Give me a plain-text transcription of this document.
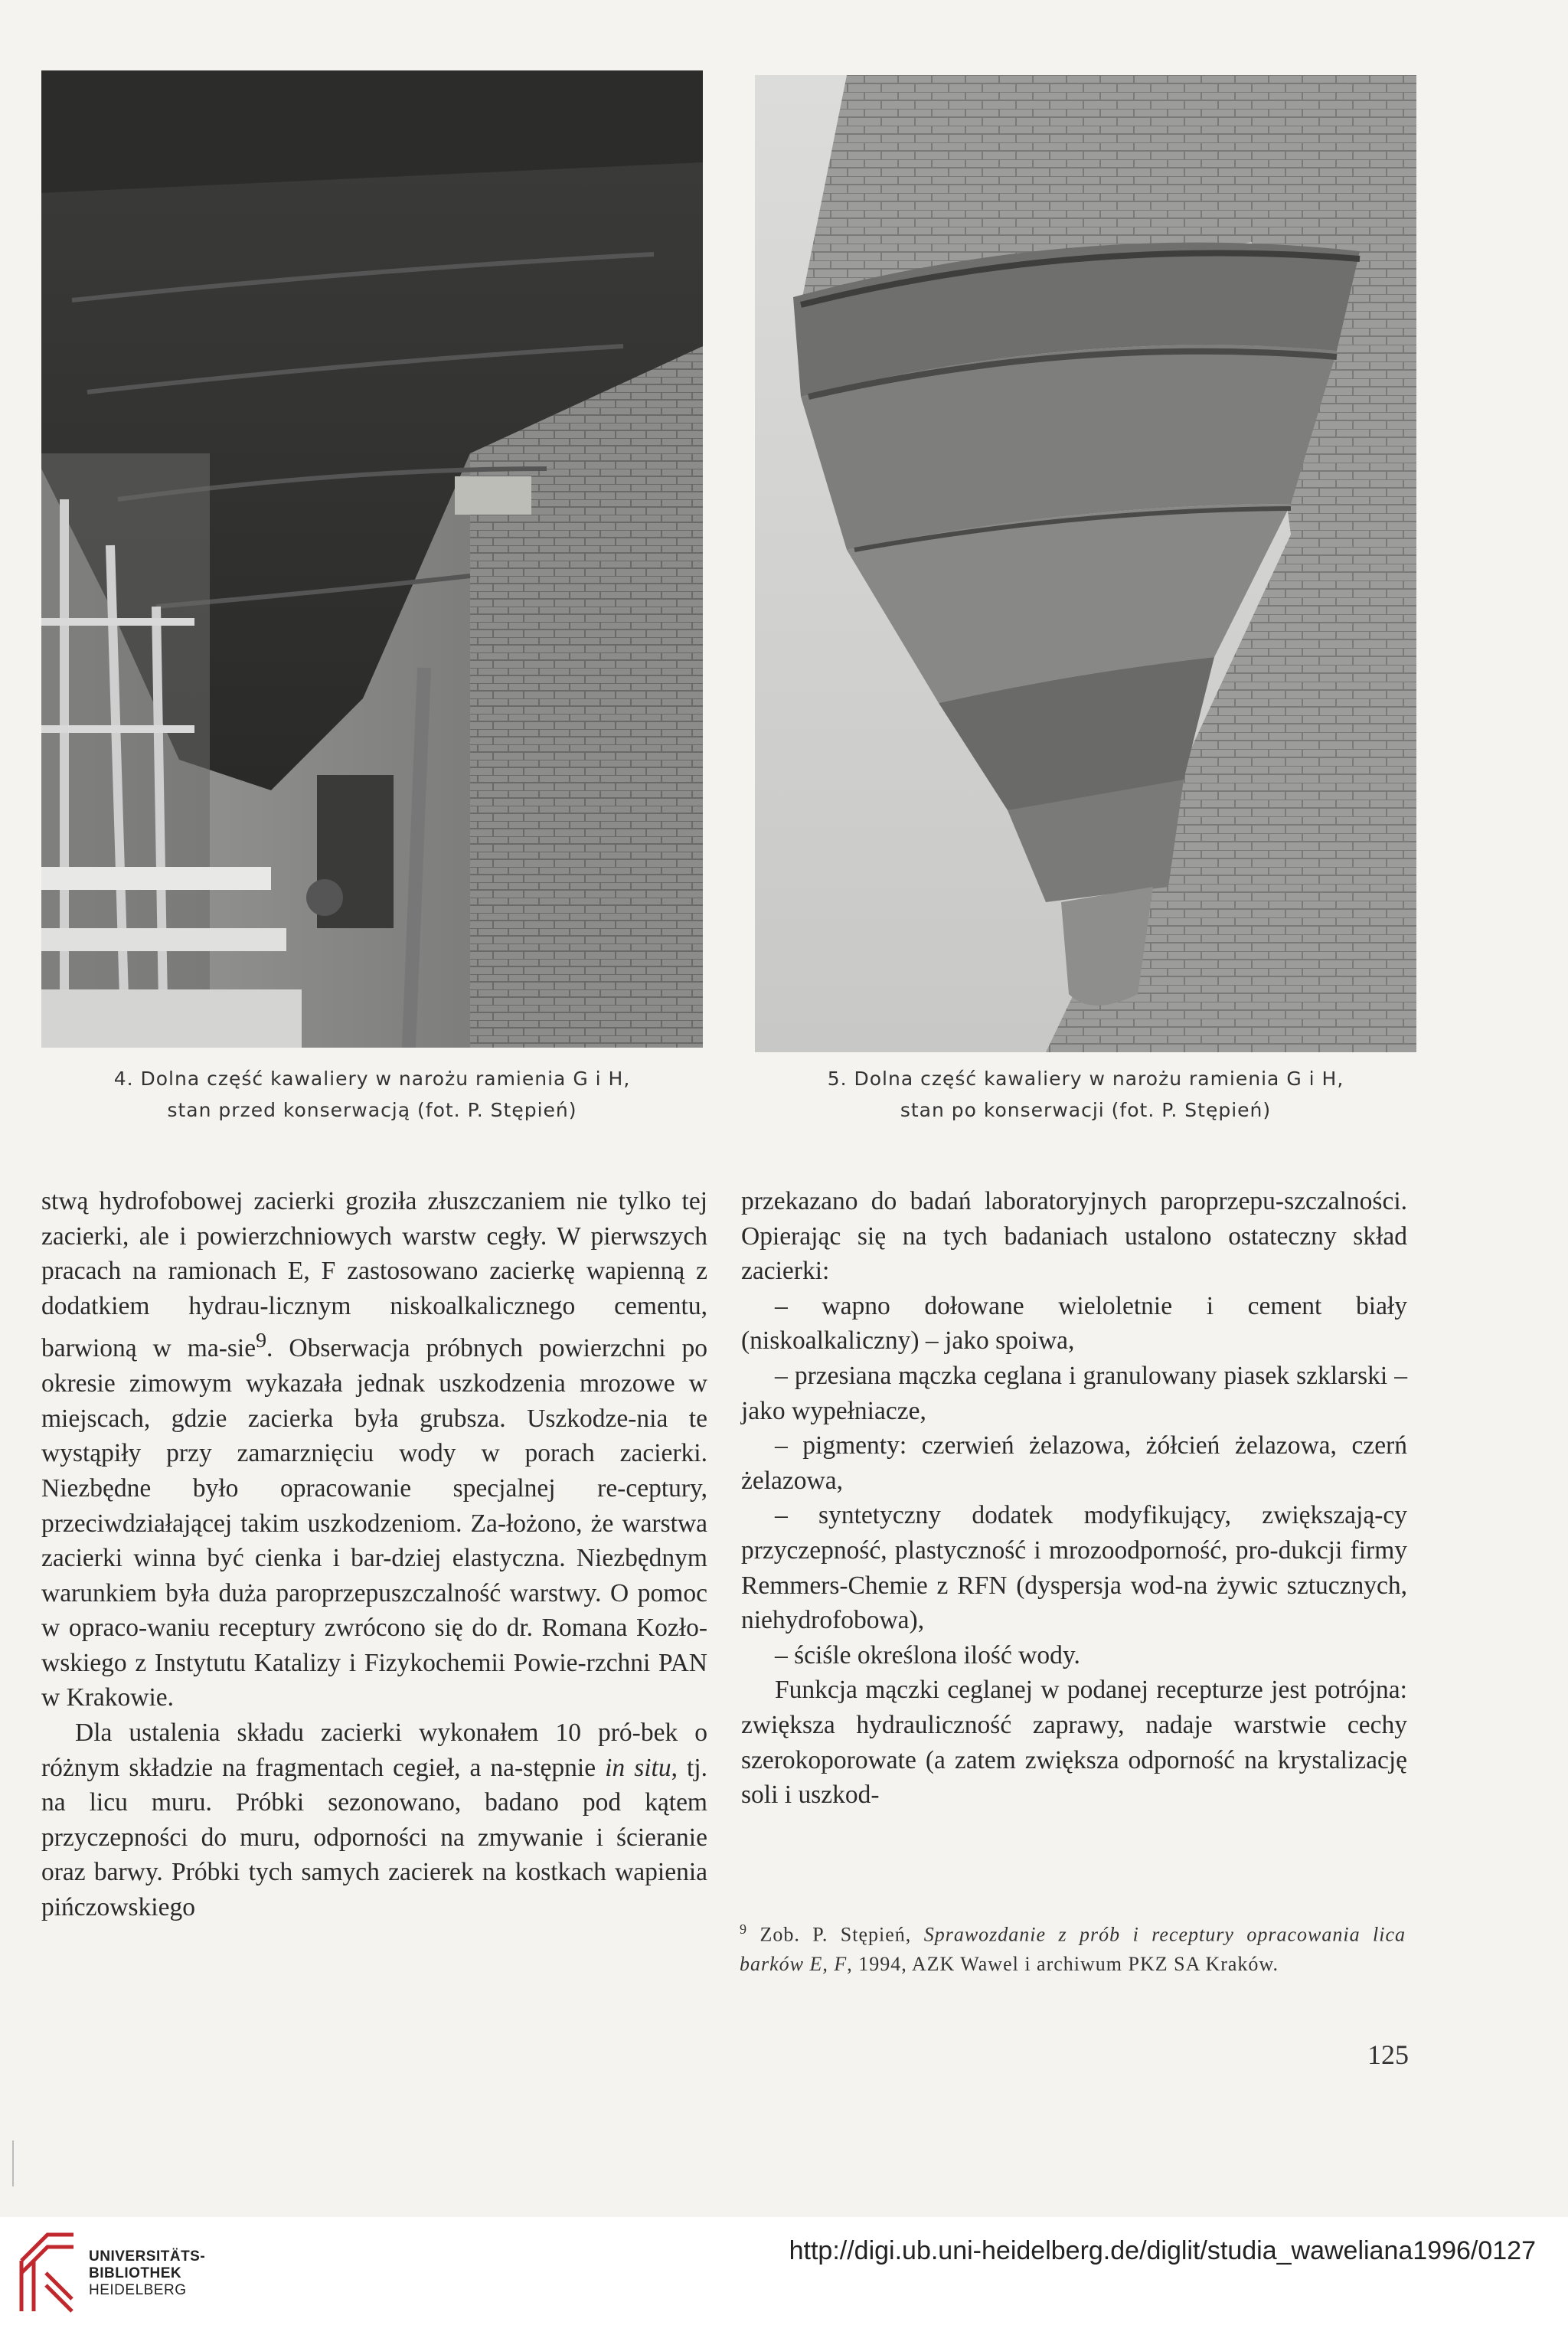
4. Dolna część kawaliery w narożu ramienia G i H,
stan przed konserwacją (fot. P. Stępień)
5. Dolna część kawaliery w narożu ramienia G i H,
stan po konserwacji (fot. P. Stępień)

stwą hydrofobowej zacierki groziła złuszczaniem nie tylko tej zacierki, ale i powierzchniowych warstw cegły. W pierwszych pracach na ramionach E, F zastosowano zacierkę wapienną z dodatkiem hydrau-licznym niskoalkalicznego cementu, barwioną w ma-sie$^9$. Obserwacja próbnych powierzchni po okresie zimowym wykazała jednak uszkodzenia mrozowe w miejscach, gdzie zacierka była grubsza. Uszkodze-nia te wystąpiły przy zamarznięciu wody w porach zacierki. Niezbędne było opracowanie specjalnej re-ceptury, przeciwdziałającej takim uszkodzeniom. Za-łożono, że warstwa zacierki winna być cienka i bar-dziej elastyczna. Niezbędnym warunkiem była duża paroprzepuszczalność warstwy. O pomoc w opraco-waniu receptury zwrócono się do dr. Romana Kozło-wskiego z Instytutu Katalizy i Fizykochemii Powie-rzchni PAN w Krakowie.

Dla ustalenia składu zacierki wykonałem 10 pró-bek o różnym składzie na fragmentach cegieł, a na-stępnie in situ, tj. na licu muru. Próbki sezonowano, badano pod kątem przyczepności do muru, odporności na zmywanie i ścieranie oraz barwy. Próbki tych samych zacierek na kostkach wapienia pińczowskiego

przekazano do badań laboratoryjnych paroprzepu-szczalności. Opierając się na tych badaniach ustalono ostateczny skład zacierki:

– wapno dołowane wieloletnie i cement biały (niskoalkaliczny) – jako spoiwa,

– przesiana mączka ceglana i granulowany piasek szklarski – jako wypełniacze,

– pigmenty: czerwień żelazowa, żółcień żelazowa, czerń żelazowa,

– syntetyczny dodatek modyfikujący, zwiększają-cy przyczepność, plastyczność i mrozoodporność, pro-dukcji firmy Remmers-Chemie z RFN (dyspersja wod-na żywic sztucznych, niehydrofobowa),

– ściśle określona ilość wody.

Funkcja mączki ceglanej w podanej recepturze jest potrójna: zwiększa hydrauliczność zaprawy, nadaje warstwie cechy szerokoporowate (a zatem zwiększa odporność na krystalizację soli i uszkod-

$^9$ Zob. P. Stępień, Sprawozdanie z prób i receptury opracowania lica barków E, F, 1994, AZK Wawel i archiwum PKZ SA Kraków.
125
UNIVERSITÄTS-
BIBLIOTHEK
HEIDELBERG
http://digi.ub.uni-heidelberg.de/diglit/studia_waweliana1996/0127
